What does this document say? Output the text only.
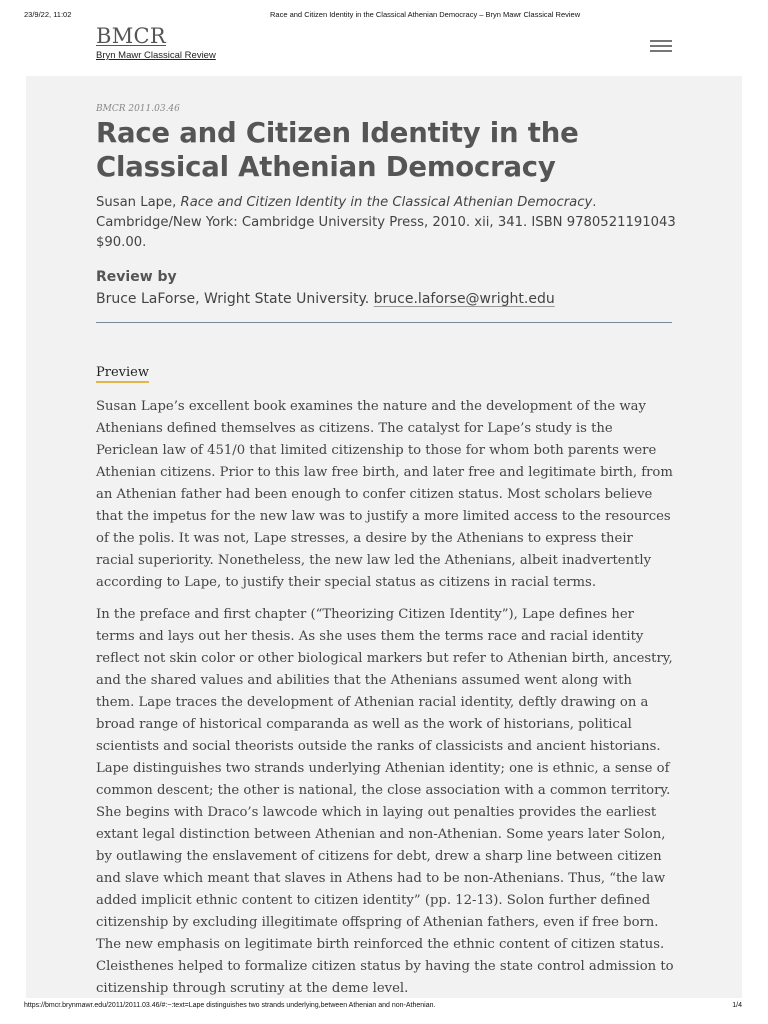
23/9/22, 11:02	Race and Citizen Identity in the Classical Athenian Democracy – Bryn Mawr Classical Review
BMCR
Bryn Mawr Classical Review
BMCR 2011.03.46
Race and Citizen Identity in the Classical Athenian Democracy
Susan Lape, Race and Citizen Identity in the Classical Athenian Democracy. Cambridge/New York: Cambridge University Press, 2010. xii, 341. ISBN 9780521191043 $90.00.
Review by
Bruce LaForse, Wright State University. bruce.laforse@wright.edu
Preview

Susan Lape’s excellent book examines the nature and the development of the way Athenians defined themselves as citizens. The catalyst for Lape’s study is the Periclean law of 451/0 that limited citizenship to those for whom both parents were Athenian citizens. Prior to this law free birth, and later free and legitimate birth, from an Athenian father had been enough to confer citizen status. Most scholars believe that the impetus for the new law was to justify a more limited access to the resources of the polis. It was not, Lape stresses, a desire by the Athenians to express their racial superiority. Nonetheless, the new law led the Athenians, albeit inadvertently according to Lape, to justify their special status as citizens in racial terms.

In the preface and first chapter (“Theorizing Citizen Identity”), Lape defines her terms and lays out her thesis. As she uses them the terms race and racial identity reflect not skin color or other biological markers but refer to Athenian birth, ancestry, and the shared values and abilities that the Athenians assumed went along with them. Lape traces the development of Athenian racial identity, deftly drawing on a broad range of historical comparanda as well as the work of historians, political scientists and social theorists outside the ranks of classicists and ancient historians. Lape distinguishes two strands underlying Athenian identity; one is ethnic, a sense of common descent; the other is national, the close association with a common territory. She begins with Draco’s lawcode which in laying out penalties provides the earliest extant legal distinction between Athenian and non-Athenian. Some years later Solon, by outlawing the enslavement of citizens for debt, drew a sharp line between citizen and slave which meant that slaves in Athens had to be non-Athenians. Thus, “the law added implicit ethnic content to citizen identity” (pp. 12-13). Solon further defined citizenship by excluding illegitimate offspring of Athenian fathers, even if free born. The new emphasis on legitimate birth reinforced the ethnic content of citizen status. Cleisthenes helped to formalize citizen status by having the state control admission to citizenship through scrutiny at the deme level.

https://bmcr.brynmawr.edu/2011/2011.03.46/#:~:text=Lape distinguishes two strands underlying,between Athenian and non-Athenian.	1/4
